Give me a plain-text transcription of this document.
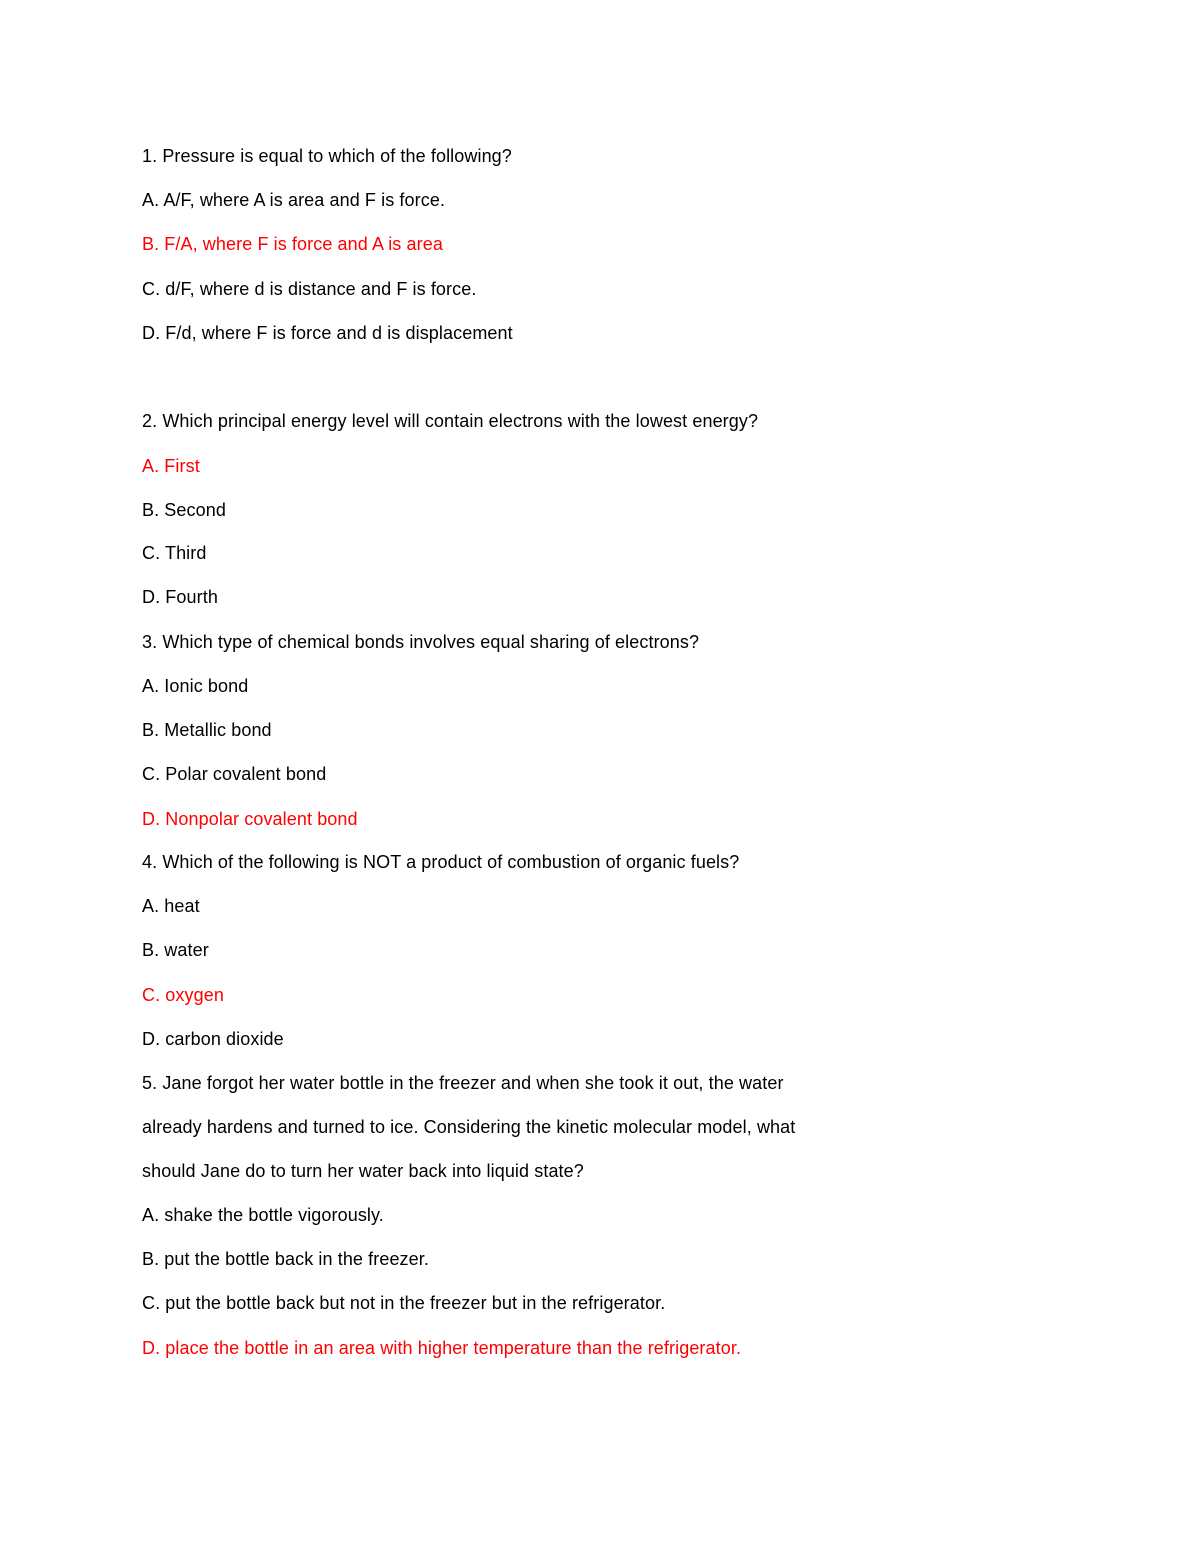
1. Pressure is equal to which of the following?
A. A/F, where A is area and F is force.
B. F/A, where F is force and A is area
C. d/F, where d is distance and F is force.
D. F/d, where F is force and d is displacement
2. Which principal energy level will contain electrons with the lowest energy?
A. First
B. Second
C. Third
D. Fourth
3. Which type of chemical bonds involves equal sharing of electrons?
A. Ionic bond
B. Metallic bond
C. Polar covalent bond
D. Nonpolar covalent bond
4. Which of the following is NOT a product of combustion of organic fuels?
A. heat
B. water
C. oxygen
D. carbon dioxide
5. Jane forgot her water bottle in the freezer and when she took it out, the water
already hardens and turned to ice. Considering the kinetic molecular model, what
should Jane do to turn her water back into liquid state?
A. shake the bottle vigorously.
B. put the bottle back in the freezer.
C. put the bottle back but not in the freezer but in the refrigerator.
D. place the bottle in an area with higher temperature than the refrigerator.
